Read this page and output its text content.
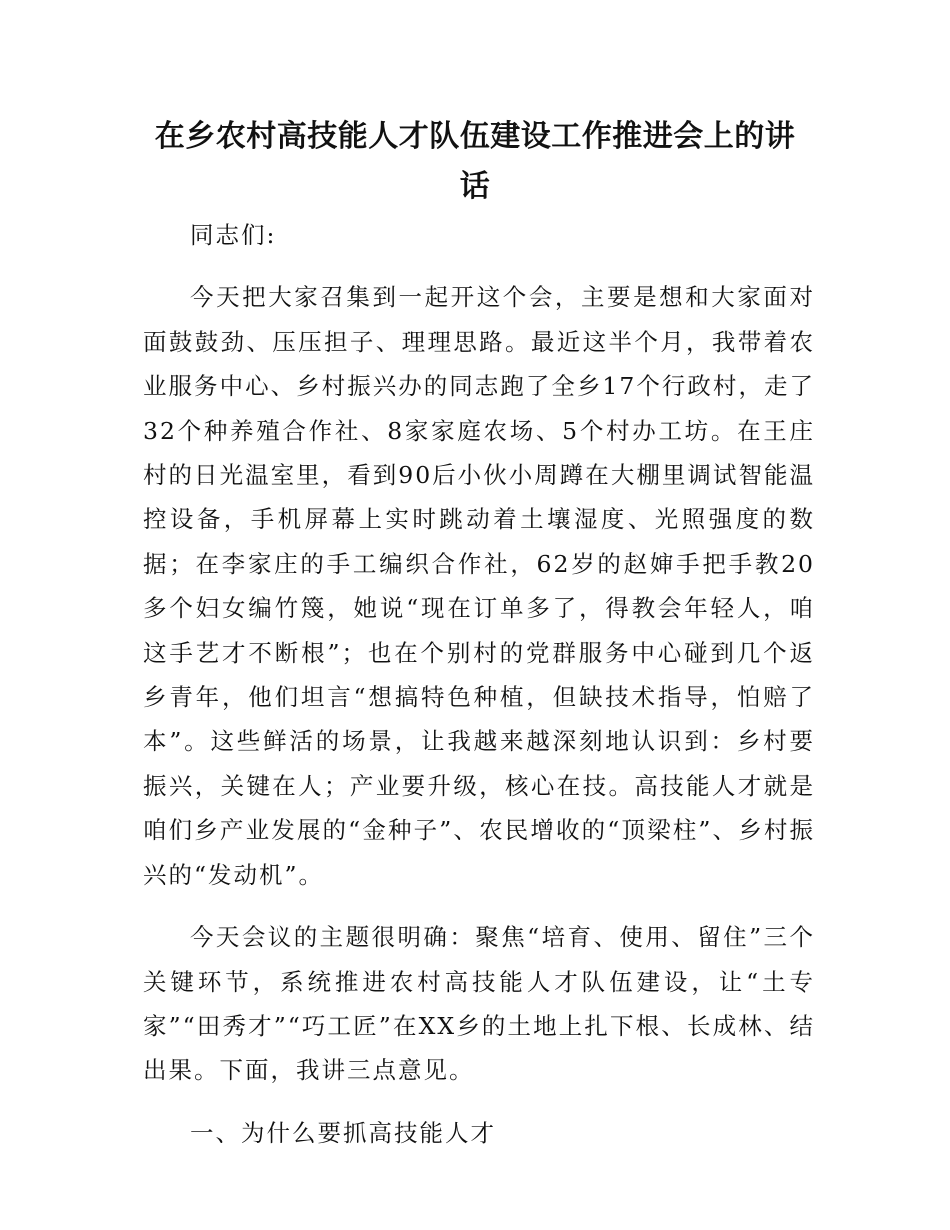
在乡农村高技能人才队伍建设工作推进会上的讲话

同志们:

今天把大家召集到一起开这个会，主要是想和大家面对面鼓鼓劲、压压担子、理理思路。最近这半个月，我带着农业服务中心、乡村振兴办的同志跑了全乡17个行政村，走了32个种养殖合作社、8家家庭农场、5个村办工坊。在王庄村的日光温室里，看到90后小伙小周蹲在大棚里调试智能温控设备，手机屏幕上实时跳动着土壤湿度、光照强度的数据；在李家庄的手工编织合作社，62岁的赵婶手把手教20多个妇女编竹篾，她说“现在订单多了，得教会年轻人，咱这手艺才不断根”；也在个别村的党群服务中心碰到几个返乡青年，他们坦言“想搞特色种植，但缺技术指导，怕赔了本”。这些鲜活的场景，让我越来越深刻地认识到：乡村要振兴，关键在人；产业要升级，核心在技。高技能人才就是咱们乡产业发展的“金种子”、农民增收的“顶梁柱”、乡村振兴的“发动机”。

今天会议的主题很明确：聚焦“培育、使用、留住”三个关键环节，系统推进农村高技能人才队伍建设，让“土专家”“田秀才”“巧工匠”在XX乡的土地上扎下根、长成林、结出果。下面，我讲三点意见。

一、为什么要抓高技能人才
